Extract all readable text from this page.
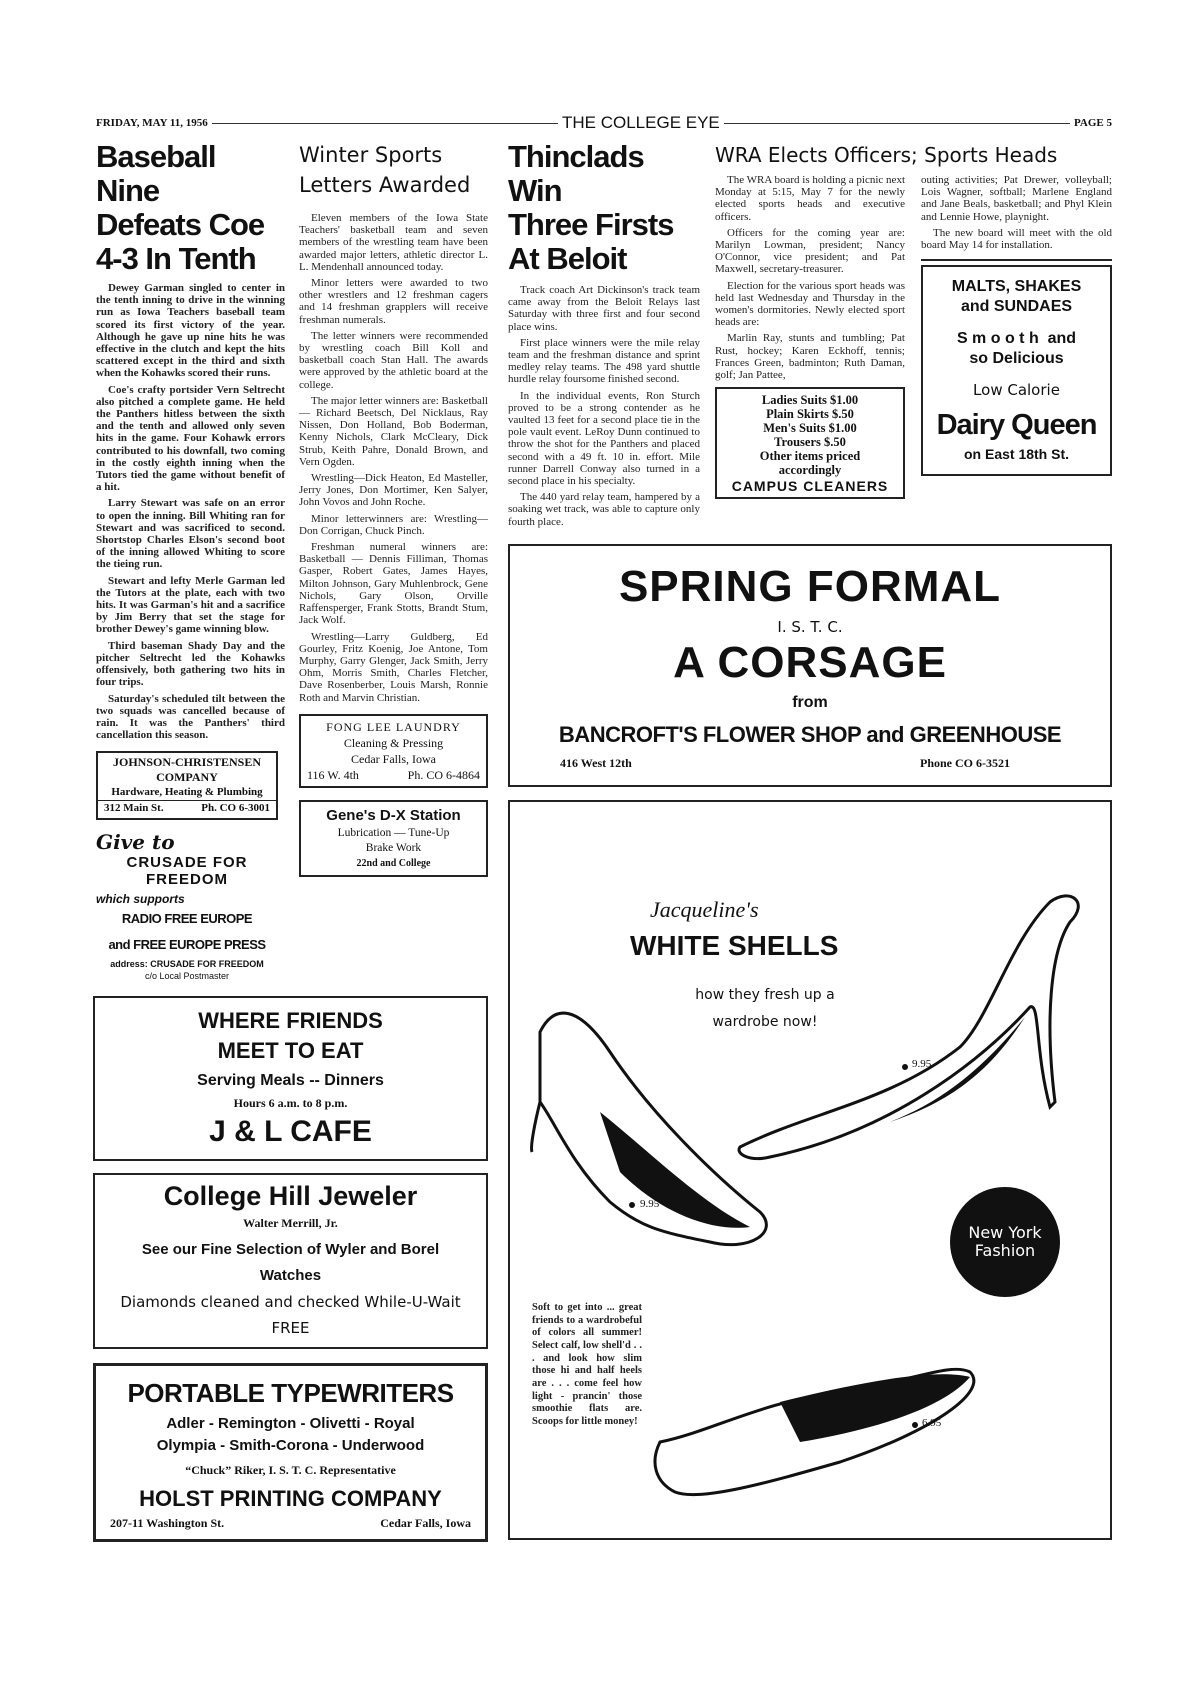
FRIDAY, MAY 11, 1956	THE COLLEGE EYE	PAGE 5
Baseball Nine
Defeats Coe
4-3 In Tenth

Dewey Garman singled to center in the tenth inning to drive in the winning run as Iowa Teachers baseball team scored its first victory of the year. Although he gave up nine hits he was effective in the clutch and kept the hits scattered except in the third and sixth when the Kohawks scored their runs.

Coe's crafty portsider Vern Seltrecht also pitched a complete game. He held the Panthers hitless between the sixth and the tenth and allowed only seven hits in the game. Four Kohawk errors contributed to his downfall, two coming in the costly eighth inning when the Tutors tied the game without benefit of a hit.

Larry Stewart was safe on an error to open the inning. Bill Whiting ran for Stewart and was sacrificed to second. Shortstop Charles Elson's second boot of the inning allowed Whiting to score the tieing run.

Stewart and lefty Merle Garman led the Tutors at the plate, each with two hits. It was Garman's hit and a sacrifice by Jim Berry that set the stage for brother Dewey's game winning blow.

Third baseman Shady Day and the pitcher Seltrecht led the Kohawks offensively, both gathering two hits in four trips.

Saturday's scheduled tilt between the two squads was cancelled because of rain. It was the Panthers' third cancellation this season.

JOHNSON-CHRISTENSEN
COMPANY
Hardware, Heating & Plumbing
312 Main St.	Ph. CO 6-3001
Give to
CRUSADE FOR
FREEDOM
which supports
RADIO FREE EUROPE
and FREE EUROPE PRESS
address: CRUSADE FOR FREEDOM
c/o Local Postmaster
Winter Sports
Letters Awarded

Eleven members of the Iowa State Teachers' basketball team and seven members of the wrestling team have been awarded major letters, athletic director L. L. Mendenhall announced today.

Minor letters were awarded to two other wrestlers and 12 freshman cagers and 14 freshman grapplers will receive freshman numerals.

The letter winners were recommended by wrestling coach Bill Koll and basketball coach Stan Hall. The awards were approved by the athletic board at the college.

The major letter winners are: Basketball — Richard Beetsch, Del Nicklaus, Ray Nissen, Don Holland, Bob Boderman, Kenny Nichols, Clark McCleary, Dick Strub, Keith Pahre, Donald Brown, and Vern Ogden.

Wrestling—Dick Heaton, Ed Masteller, Jerry Jones, Don Mortimer, Ken Salyer, John Vovos and John Roche.

Minor letterwinners are: Wrestling—Don Corrigan, Chuck Pinch.

Freshman numeral winners are: Basketball — Dennis Filliman, Thomas Gasper, Robert Gates, James Hayes, Milton Johnson, Gary Muhlenbrock, Gene Nichols, Gary Olson, Orville Raffensperger, Frank Stotts, Brandt Stum, Jack Wolf.

Wrestling—Larry Guldberg, Ed Gourley, Fritz Koenig, Joe Antone, Tom Murphy, Garry Glenger, Jack Smith, Jerry Ohm, Morris Smith, Charles Fletcher, Dave Rosenberber, Louis Marsh, Ronnie Roth and Marvin Christian.

FONG LEE LAUNDRY
Cleaning & Pressing
Cedar Falls, Iowa
116 W. 4th	Ph. CO 6-4864
Gene's D-X Station
Lubrication — Tune-Up
Brake Work
22nd and College
WHERE FRIENDS
MEET TO EAT
Serving Meals -- Dinners
Hours 6 a.m. to 8 p.m.
J & L CAFE
College Hill Jeweler
Walter Merrill, Jr.
See our Fine Selection of Wyler and Borel
Watches
Diamonds cleaned and checked While-U-Wait
FREE
PORTABLE TYPEWRITERS
Adler - Remington - Olivetti - Royal
Olympia - Smith-Corona - Underwood
“Chuck” Riker, I. S. T. C. Representative
HOLST PRINTING COMPANY
207-11 Washington St.	Cedar Falls, Iowa
Thinclads Win
Three Firsts
At Beloit

Track coach Art Dickinson's track team came away from the Beloit Relays last Saturday with three first and four second place wins.

First place winners were the mile relay team and the freshman distance and sprint medley relay teams. The 498 yard shuttle hurdle relay foursome finished second.

In the individual events, Ron Sturch proved to be a strong contender as he vaulted 13 feet for a second place tie in the pole vault event. LeRoy Dunn continued to throw the shot for the Panthers and placed second with a 49 ft. 10 in. effort. Mile runner Darrell Conway also turned in a second place in his specialty.

The 440 yard relay team, hampered by a soaking wet track, was able to capture only fourth place.

WRA Elects Officers; Sports Heads

The WRA board is holding a picnic next Monday at 5:15, May 7 for the newly elected sports heads and executive officers.

Officers for the coming year are: Marilyn Lowman, president; Nancy O'Connor, vice president; and Pat Maxwell, secretary-treasurer.

Election for the various sport heads was held last Wednesday and Thursday in the women's dormitories. Newly elected sport heads are:

Marlin Ray, stunts and tumbling; Pat Rust, hockey; Karen Eckhoff, tennis; Frances Green, badminton; Ruth Daman, golf; Jan Pattee,

Ladies Suits $1.00
Plain Skirts $.50
Men's Suits $1.00
Trousers $.50
Other items priced
accordingly
CAMPUS CLEANERS

outing activities; Pat Drewer, volleyball; Lois Wagner, softball; Marlene England and Jane Beals, basketball; and Phyl Klein and Lennie Howe, playnight.

The new board will meet with the old board May 14 for installation.

MALTS, SHAKES
and SUNDAES
S m o o t h  and
so Delicious
Low Calorie
Dairy Queen
on East 18th St.
SPRING FORMAL
I. S. T. C.
A CORSAGE
from
BANCROFT'S FLOWER SHOP and GREENHOUSE
416 West 12th	Phone CO 6-3521
Jacqueline's
WHITE SHELLS
how they fresh up a
wardrobe now!
New York Fashion
9.95
9.95
6.95
Soft to get into ... great friends to a wardrobeful of colors all summer! Select calf, low shell'd . . . and look how slim those hi and half heels are . . . come feel how light - prancin' those smoothie flats are. Scoops for little money!
